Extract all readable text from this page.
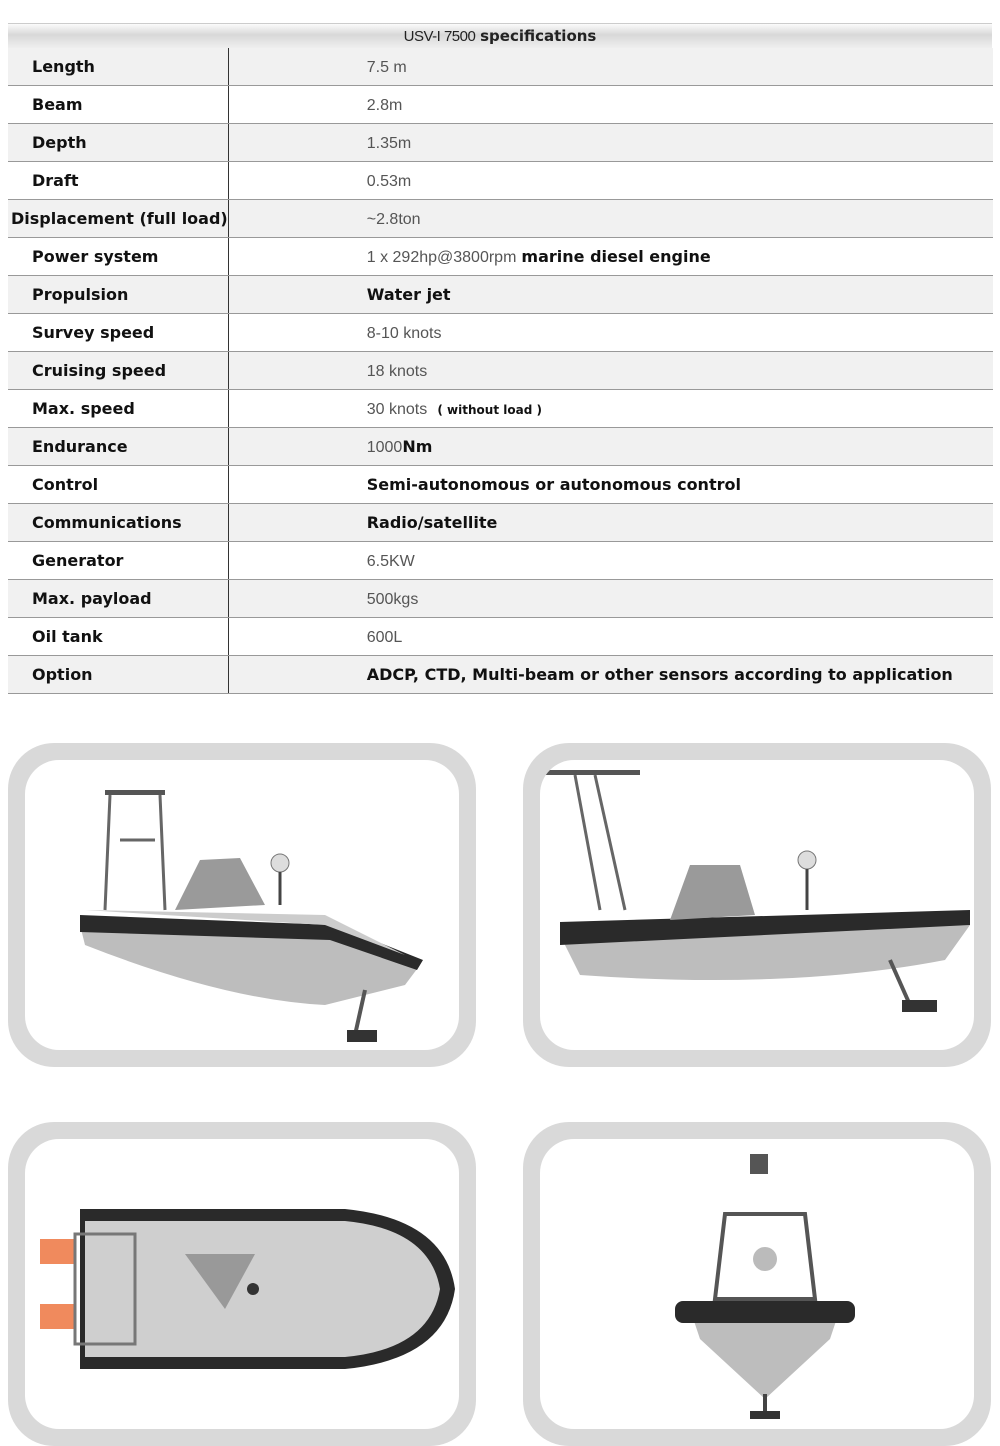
USV-I 7500 specifications
Length	7.5 m
Beam	2.8m
Depth	1.35m
Draft	0.53m
Displacement (full load)	~2.8ton
Power system	1 x 292hp@3800rpm marine diesel engine
Propulsion	Water jet
Survey speed	8-10 knots
Cruising speed	18 knots
Max. speed	30 knots ( without load )
Endurance	1000Nm
Control	Semi-autonomous or autonomous control
Communications	Radio/satellite
Generator	6.5KW
Max. payload	500kgs
Oil tank	600L
Option	ADCP, CTD, Multi-beam or other sensors according to application
